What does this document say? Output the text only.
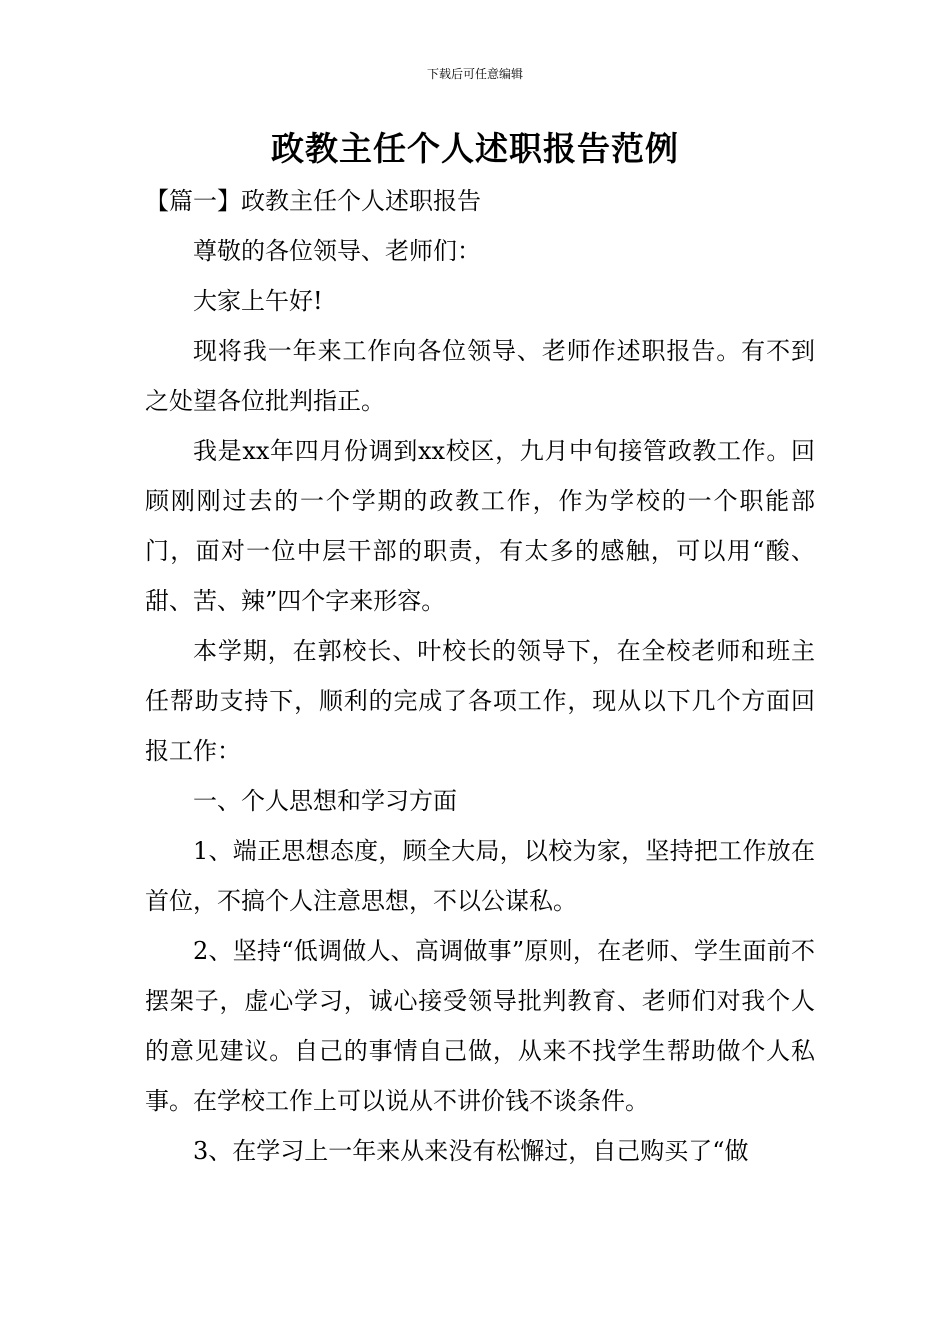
下载后可任意编辑
政教主任个人述职报告范例

【篇一】政教主任个人述职报告

尊敬的各位领导、老师们：

大家上午好!

现将我一年来工作向各位领导、老师作述职报告。有不到之处望各位批判指正。

我是xx年四月份调到xx校区，九月中旬接管政教工作。回顾刚刚过去的一个学期的政教工作，作为学校的一个职能部门，面对一位中层干部的职责，有太多的感触，可以用“酸、甜、苦、辣”四个字来形容。

本学期，在郭校长、叶校长的领导下，在全校老师和班主任帮助支持下，顺利的完成了各项工作，现从以下几个方面回报工作：

一、个人思想和学习方面

1、端正思想态度，顾全大局，以校为家，坚持把工作放在首位，不搞个人注意思想，不以公谋私。

2、坚持“低调做人、高调做事”原则，在老师、学生面前不摆架子，虚心学习，诚心接受领导批判教育、老师们对我个人的意见建议。自己的事情自己做，从来不找学生帮助做个人私事。在学校工作上可以说从不讲价钱不谈条件。

3、在学习上一年来从来没有松懈过，自己购买了“做
